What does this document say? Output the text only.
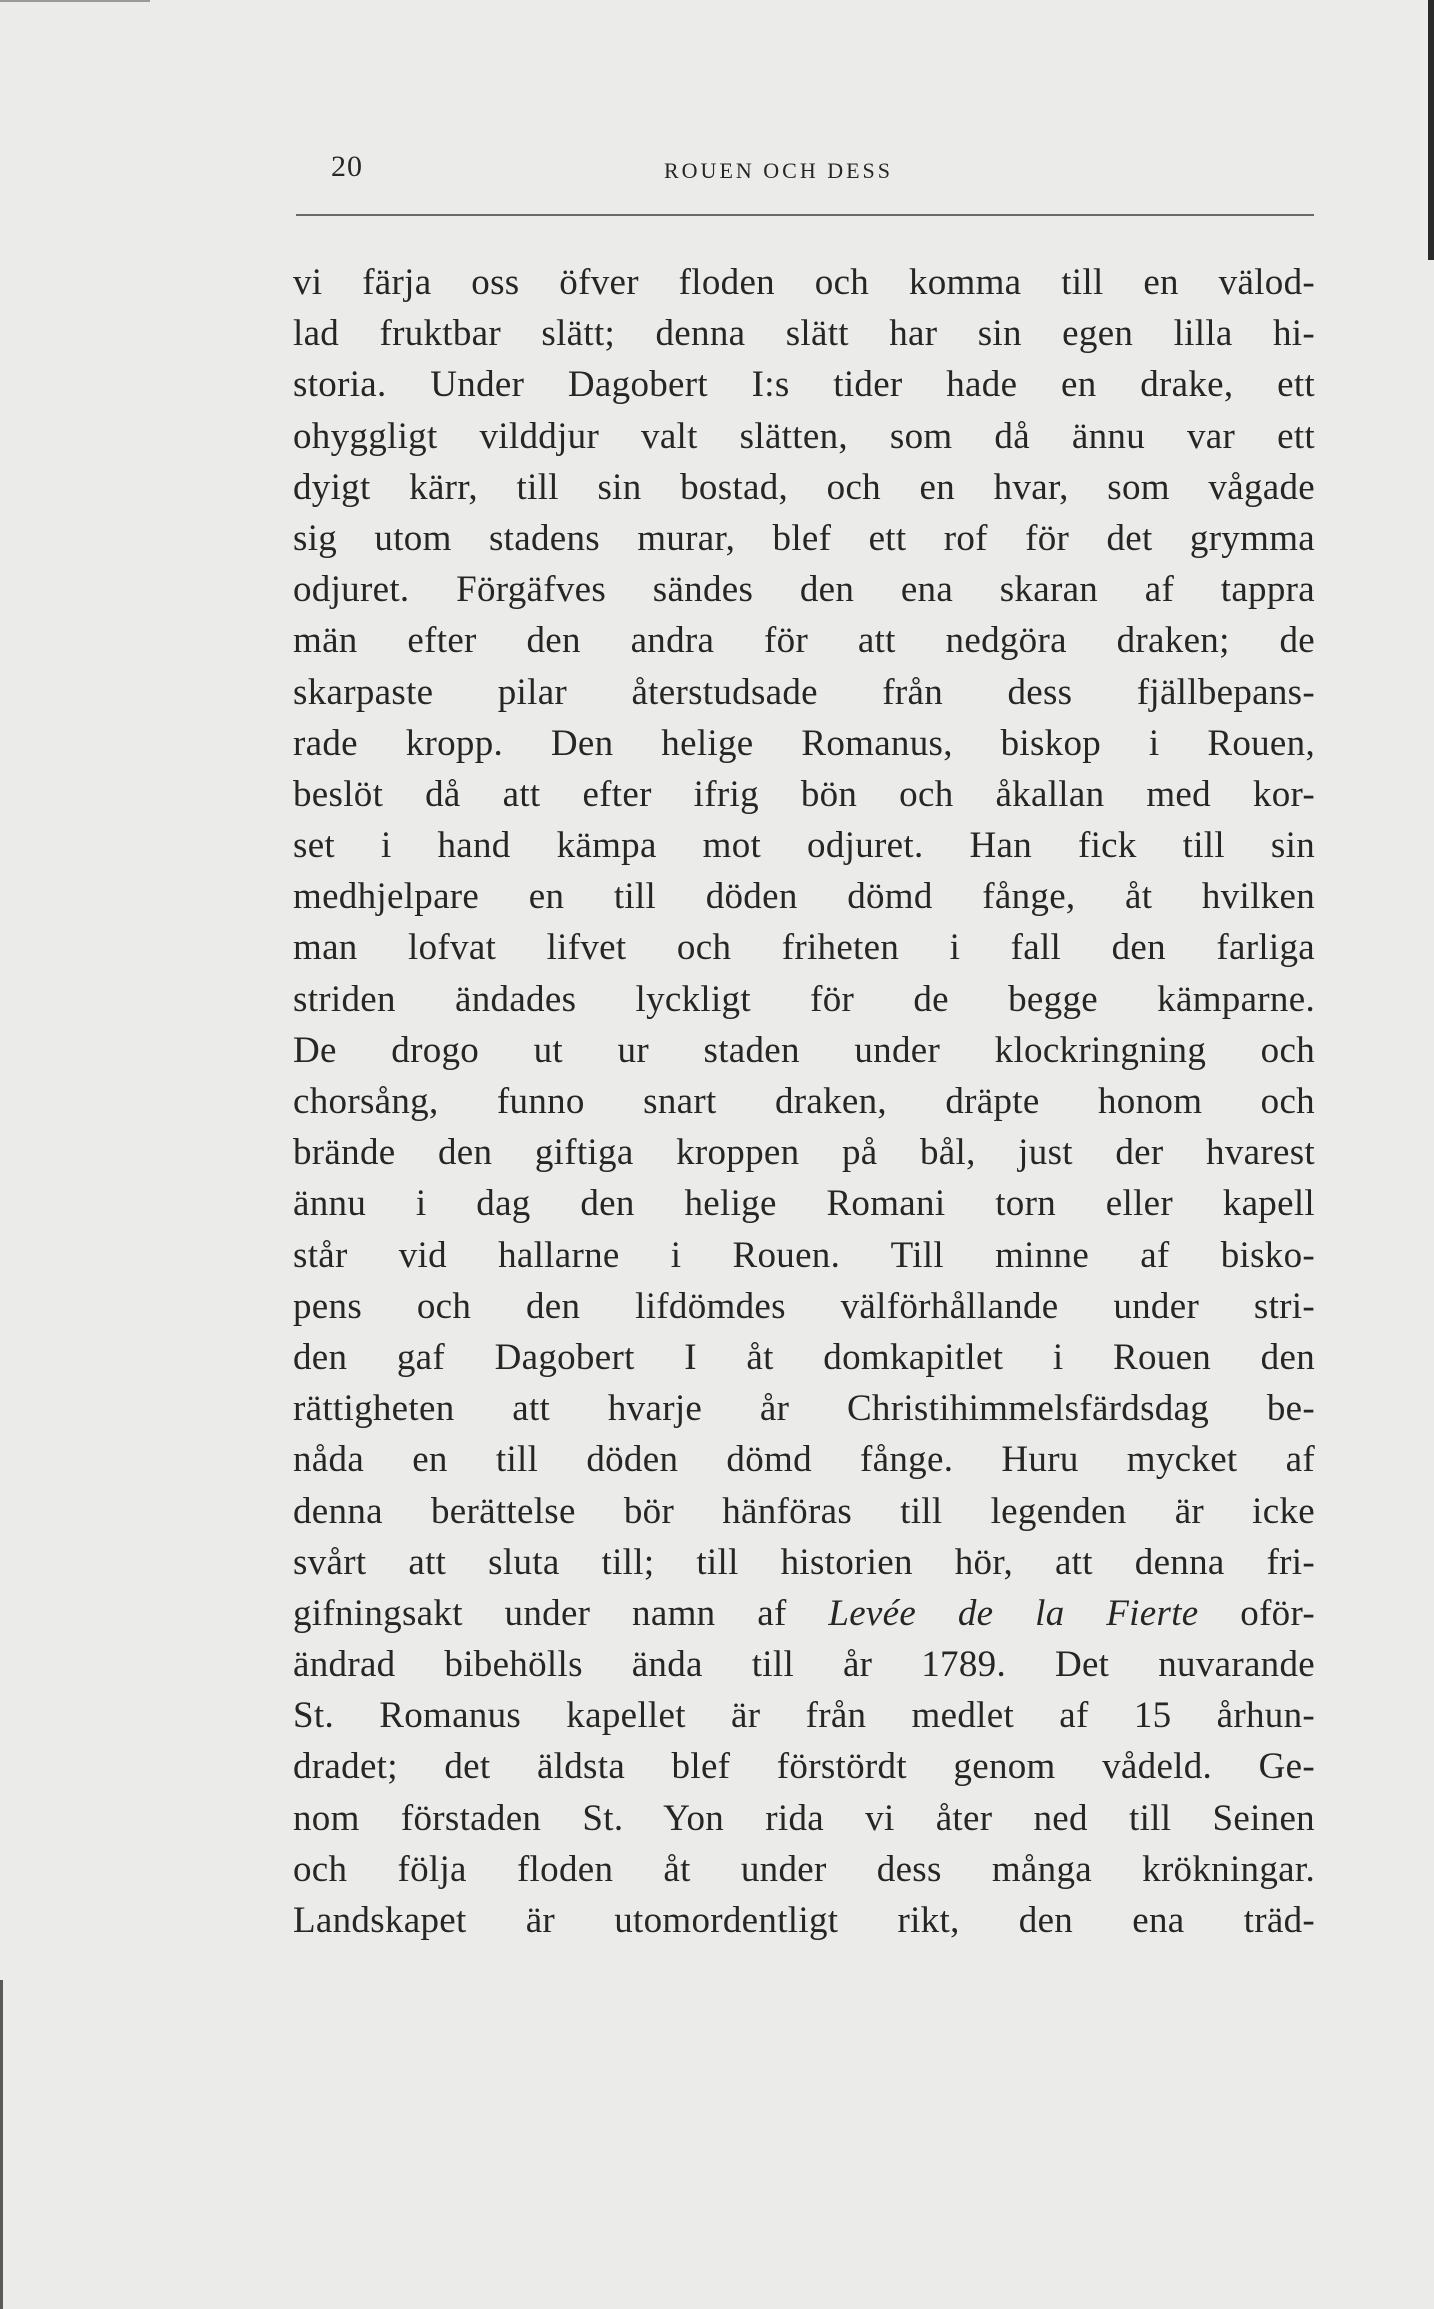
20	ROUEN OCH DESS
vi färja oss öfver floden och komma till en välod-
lad fruktbar slätt; denna slätt har sin egen lilla hi-
storia. Under Dagobert I:s tider hade en drake, ett
ohyggligt vilddjur valt slätten, som då ännu var ett
dyigt kärr, till sin bostad, och en hvar, som vågade
sig utom stadens murar, blef ett rof för det grymma
odjuret. Förgäfves sändes den ena skaran af tappra
män efter den andra för att nedgöra draken; de
skarpaste pilar återstudsade från dess fjällbepans-
rade kropp. Den helige Romanus, biskop i Rouen,
beslöt då att efter ifrig bön och åkallan med kor-
set i hand kämpa mot odjuret. Han fick till sin
medhjelpare en till döden dömd fånge, åt hvilken
man lofvat lifvet och friheten i fall den farliga
striden ändades lyckligt för de begge kämparne.
De drogo ut ur staden under klockringning och
chorsång, funno snart draken, dräpte honom och
brände den giftiga kroppen på bål, just der hvarest
ännu i dag den helige Romani torn eller kapell
står vid hallarne i Rouen. Till minne af bisko-
pens och den lifdömdes välförhållande under stri-
den gaf Dagobert I åt domkapitlet i Rouen den
rättigheten att hvarje år Christihimmelsfärdsdag be-
nåda en till döden dömd fånge. Huru mycket af
denna berättelse bör hänföras till legenden är icke
svårt att sluta till; till historien hör, att denna fri-
gifningsakt under namn af Levée de la Fierte oför-
ändrad bibehölls ända till år 1789. Det nuvarande
St. Romanus kapellet är från medlet af 15 århun-
dradet; det äldsta blef förstördt genom vådeld. Ge-
nom förstaden St. Yon rida vi åter ned till Seinen
och följa floden åt under dess många krökningar.
Landskapet är utomordentligt rikt, den ena träd-
